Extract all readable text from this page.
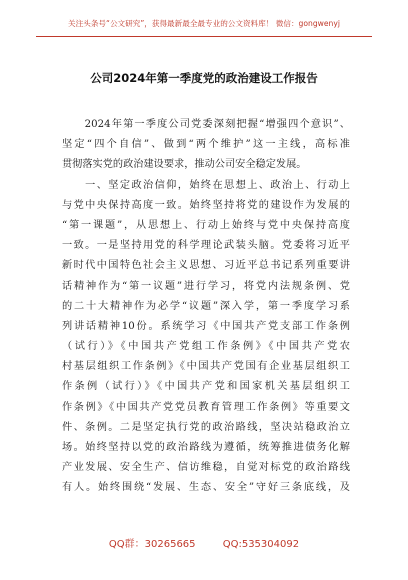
关注头条号“公文研究”，获得最新最全最专业的公文资料库！ 微信：gongwenyj
公司2024年第一季度党的政治建设工作报告
　　2024年第一季度公司党委深刻把握“增强四个意识”、
坚定“四个自信”、做到“两个维护”这一主线，高标准
贯彻落实党的政治建设要求，推动公司安全稳定发展。
　　一、坚定政治信仰，始终在思想上、政治上、行动上
与党中央保持高度一致。始终坚持将党的建设作为发展的
“第一课题”，从思想上、行动上始终与党中央保持高度
一致。一是坚持用党的科学理论武装头脑。党委将习近平
新时代中国特色社会主义思想、习近平总书记系列重要讲
话精神作为“第一议题”进行学习，将党内法规条例、党
的二十大精神作为必学“议题”深入学，第一季度学习系
列讲话精神10份。系统学习《中国共产党支部工作条例
（试行）》《中国共产党组工作条例》《中国共产党农
村基层组织工作条例》《中国共产党国有企业基层组织工
作条例（试行）》《中国共产党和国家机关基层组织工
作条例》《中国共产党党员教育管理工作条例》等重要文
件、条例。二是坚定执行党的政治路线，坚决站稳政治立
场。始终坚持以党的政治路线为遵循，统筹推进债务化解
产业发展、安全生产、信访维稳，自觉对标党的政治路线
有人。始终围绕“发展、生态、安全”守好三条底线，及
QQ群：30265665	QQ:535304092
